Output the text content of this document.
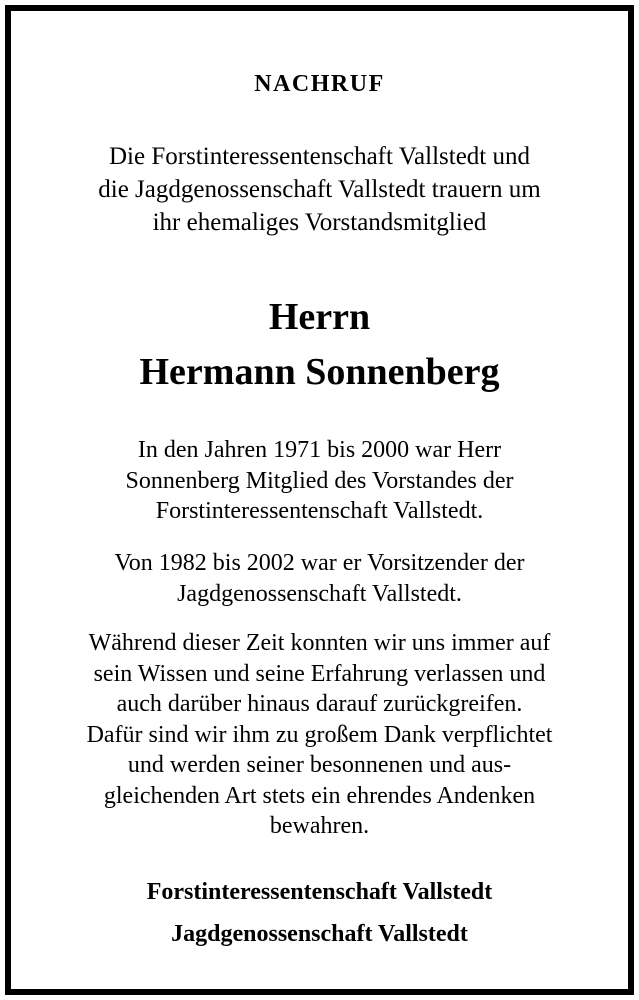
NACHRUF
Die Forstinteressentenschaft Vallstedt und
die Jagdgenossenschaft Vallstedt trauern um
ihr ehemaliges Vorstandsmitglied
Herrn
Hermann Sonnenberg
In den Jahren 1971 bis 2000 war Herr
Sonnenberg Mitglied des Vorstandes der
Forstinteressentenschaft Vallstedt.
Von 1982 bis 2002 war er Vorsitzender der
Jagdgenossenschaft Vallstedt.
Während dieser Zeit konnten wir uns immer auf
sein Wissen und seine Erfahrung verlassen und
auch darüber hinaus darauf zurückgreifen.
Dafür sind wir ihm zu großem Dank verpflichtet
und werden seiner besonnenen und aus-
gleichenden Art stets ein ehrendes Andenken
bewahren.
Forstinteressentenschaft Vallstedt
Jagdgenossenschaft Vallstedt
